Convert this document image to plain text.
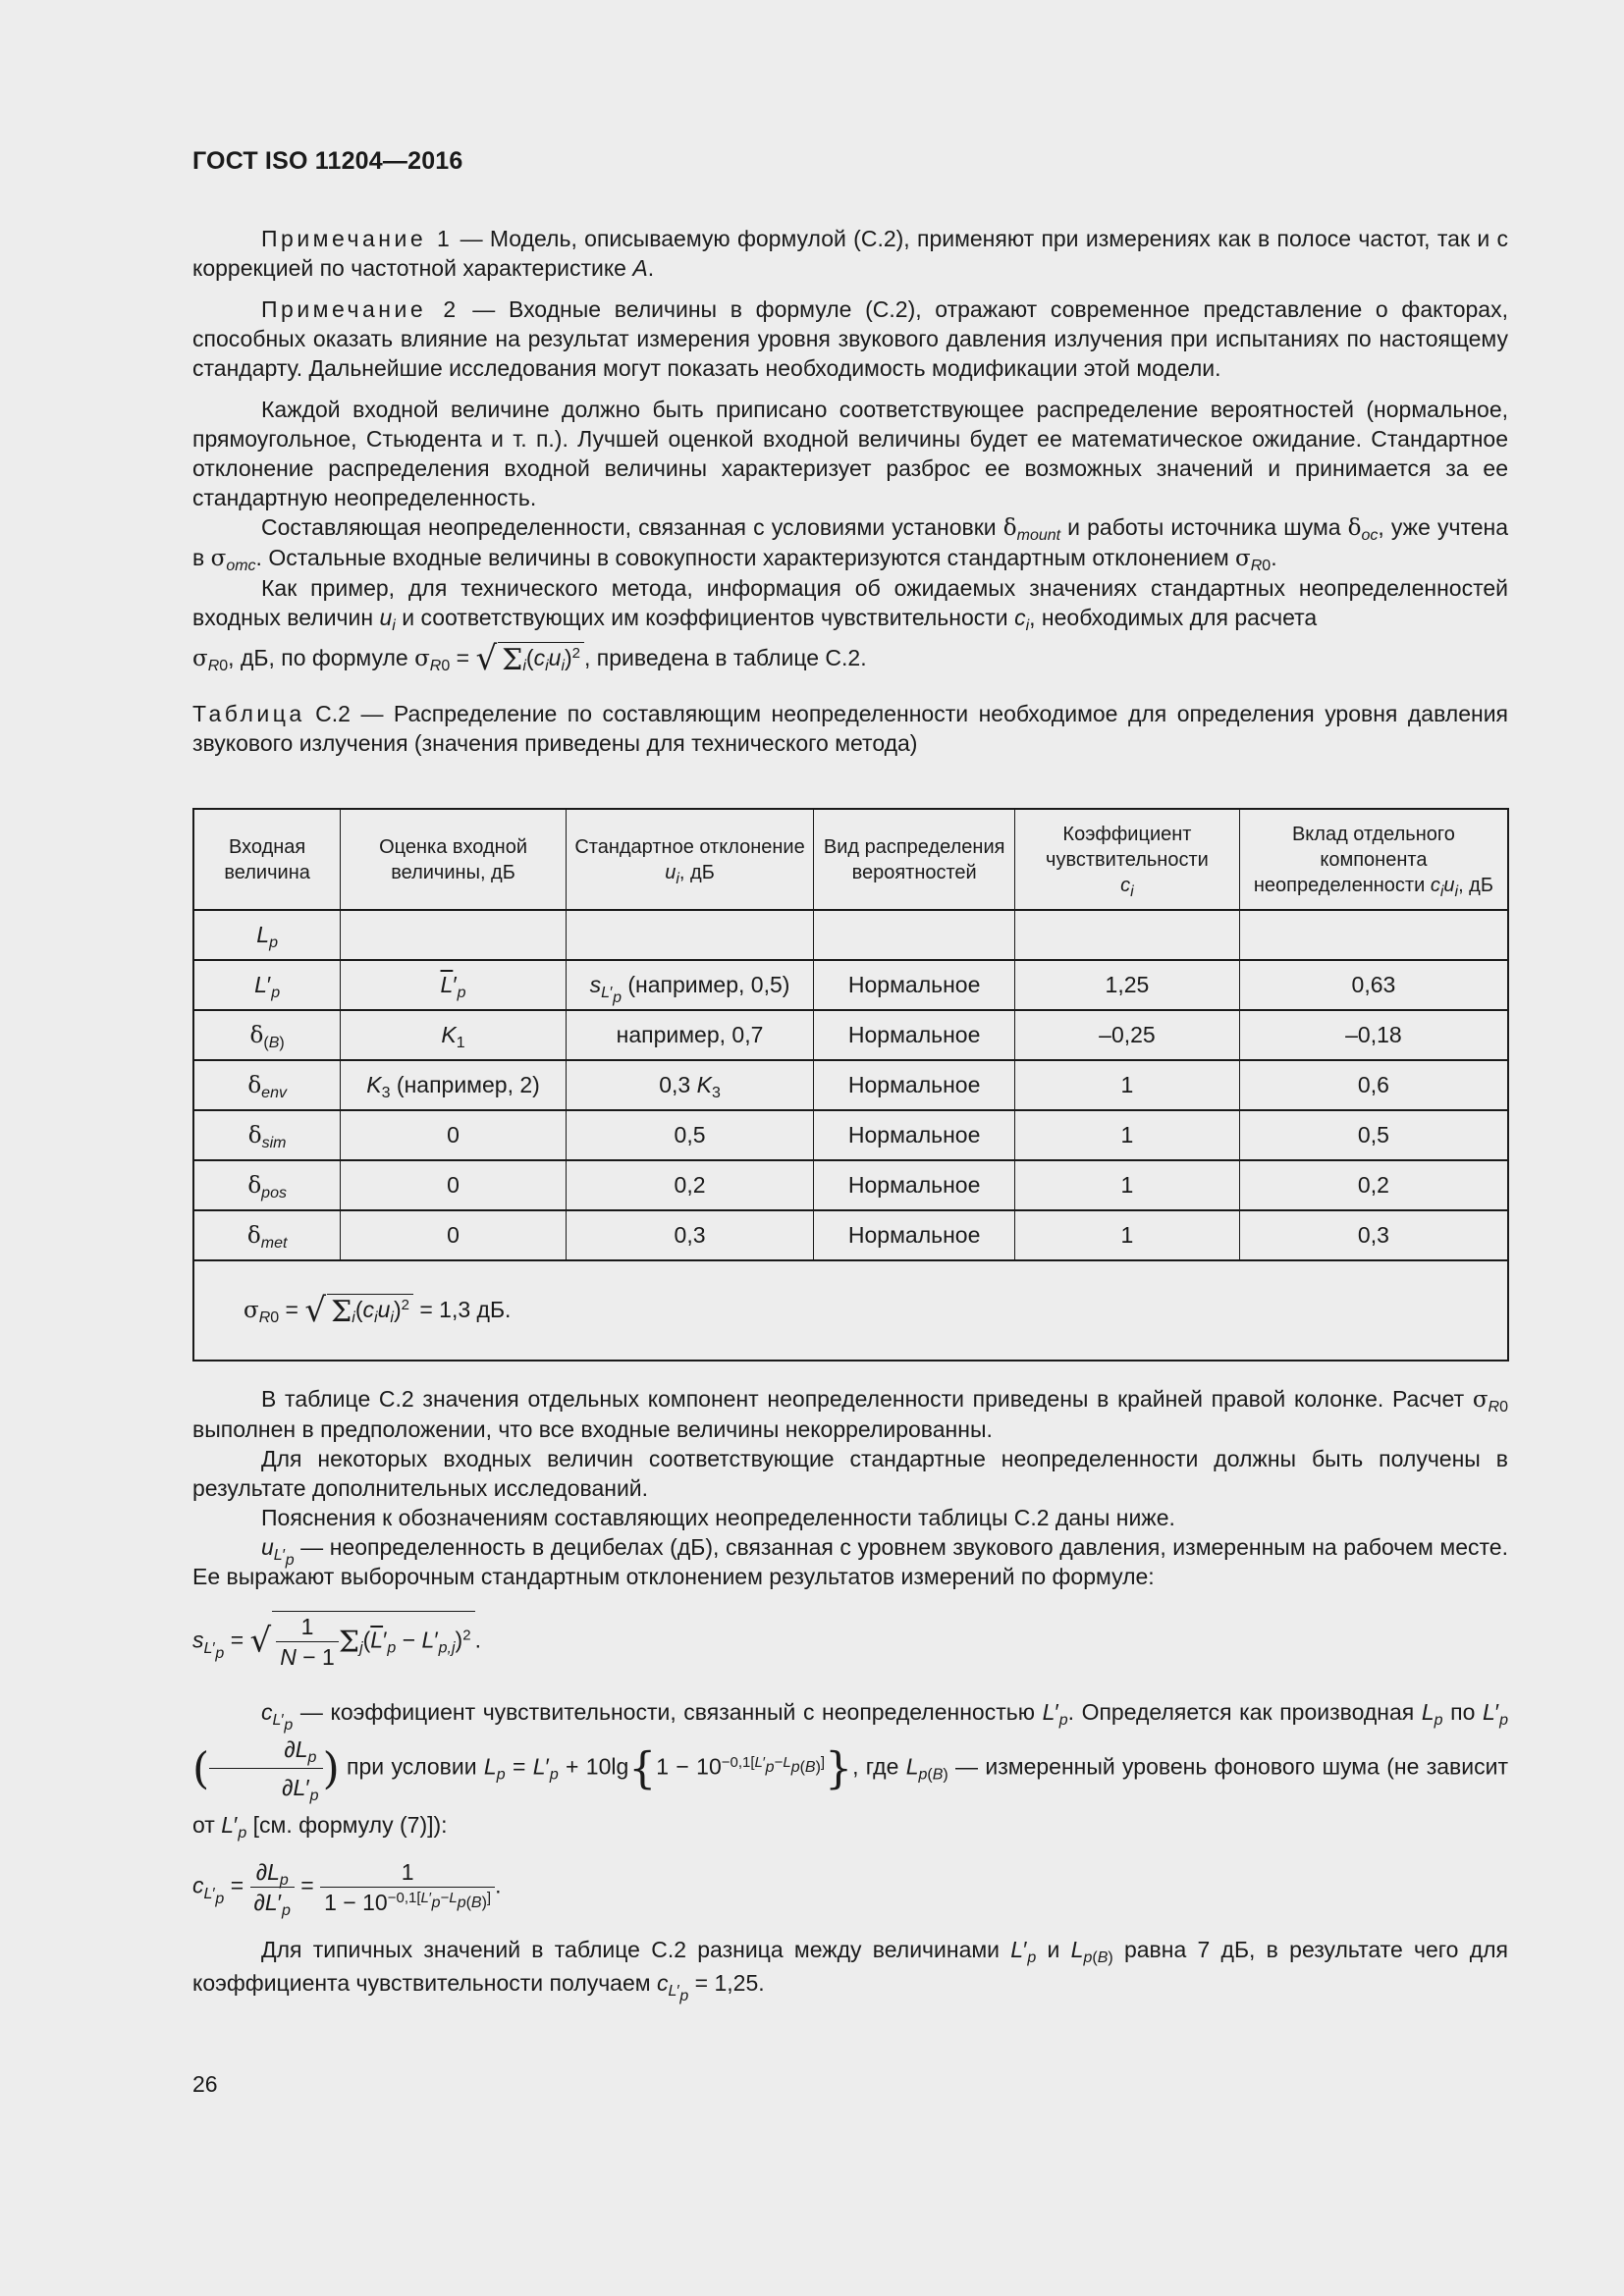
ГОСТ ISO 11204—2016

Примечание 1 — Модель, описываемую формулой (С.2), применяют при измерениях как в полосе частот, так и с коррекцией по частотной характеристике A.

Примечание 2 — Входные величины в формуле (С.2), отражают современное представление о факторах, способных оказать влияние на результат измерения уровня звукового давления излучения при испытаниях по настоящему стандарту. Дальнейшие исследования могут показать необходимость модификации этой модели.

Каждой входной величине должно быть приписано соответствующее распределение вероятностей (нормальное, прямоугольное, Стьюдента и т. п.). Лучшей оценкой входной величины будет ее математическое ожидание. Стандартное отклонение распределения входной величины характеризует разброс ее возможных значений и принимается за ее стандартную неопределенность.

Составляющая неопределенности, связанная с условиями установки $\delta_{mount}$ и работы источника шума $\delta_{oc}$, уже учтена в $\sigma_{omc}$. Остальные входные величины в совокупности характеризуются стандартным отклонением $\sigma_{R0}$.

Как пример, для технического метода, информация об ожидаемых значениях стандартных неопределенностей входных величин $u_i$ и соответствующих им коэффициентов чувствительности $c_i$, необходимых для расчета

$\sigma_{R0}$, дБ, по формуле $\sigma_{R0}$ = √ $\Sigma_i(c_iu_i)^2$ , приведена в таблице С.2.

Таблица С.2 — Распределение по составляющим неопределенности необходимое для определения уровня давления звукового излучения (значения приведены для технического метода)

Входная величина	Оценка входной величины, дБ	Стандартное отклонение $u_i$, дБ	Вид распределения вероятностей	Коэффициент чувствительности
$c_i$	Вклад отдельного компонента неопределенности $c_iu_i$, дБ
$L_p$					
$L'_p$	$\overline{L}'_p$	$s_{L'_p}$ (например, 0,5)	Нормальное	1,25	0,63
$\delta_{(B)}$	$K_1$	например, 0,7	Нормальное	–0,25	–0,18
$\delta_{env}$	$K_3$ (например, 2)	0,3 $K_3$	Нормальное	1	0,6
$\delta_{sim}$	0	0,5	Нормальное	1	0,5
$\delta_{pos}$	0	0,2	Нормальное	1	0,2
$\delta_{met}$	0	0,3	Нормальное	1	0,3
$\sigma_{R0}$ = √ $\Sigma_i(c_iu_i)^2 = 1,3$ дБ.					

В таблице С.2 значения отдельных компонент неопределенности приведены в крайней правой колонке. Расчет $\sigma_{R0}$ выполнен в предположении, что все входные величины некоррелированны.

Для некоторых входных величин соответствующие стандартные неопределенности должны быть получены в результате дополнительных исследований.

Пояснения к обозначениям составляющих неопределенности таблицы С.2 даны ниже.

$u_{L'_p}$ — неопределенность в децибелах (дБ), связанная с уровнем звукового давления, измеренным на рабочем месте. Ее выражают выборочным стандартным отклонением результатов измерений по формуле:

$s_{L'_p}$ = √ $\frac{1}{N - 1} \Sigma_j(\overline{L}'_p - L'_{p,j})^2$ .

$c_{L'_p}$ — коэффициент чувствительности, связанный с неопределенностью $L'_p$. Определяется как производная $L_p$ по $L'_p$ ( $\frac{\partial L_p}{\partial L'_p}$ ) при условии $L_p = L'_p + 10\lg\{1 - 10^{-0,1[L'_p-L_{p(B)}]}\}$, где $L_{p(B)}$ — измеренный уровень фонового шума (не зависит от $L'_p$ [см. формулу (7)]):

$c_{L'_p} = \frac{\partial L_p}{\partial L'_p} = \frac{1}{1 - 10^{-0,1[L'_p-L_{p(B)}]}}$ .

Для типичных значений в таблице С.2 разница между величинами $L'_p$ и $L_{p(B)}$ равна 7 дБ, в результате чего для коэффициента чувствительности получаем $c_{L'_p} = 1,25$.

26
